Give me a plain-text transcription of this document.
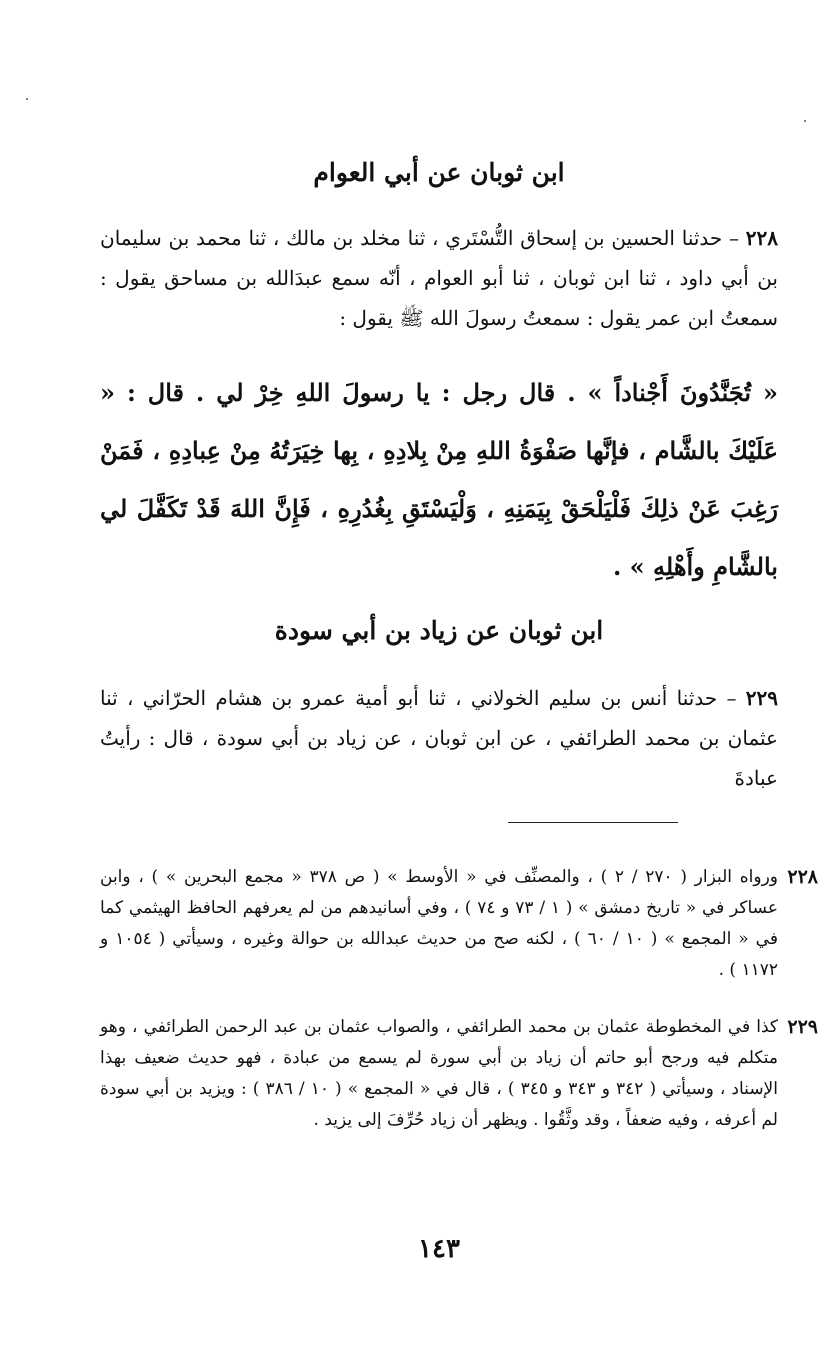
ابن ثوبان عن أبي العوام

٢٢٨ – حدثنا الحسين بن إسحاق التُّسْتَري ، ثنا مخلد بن مالك ، ثنا محمد بن سليمان بن أبي داود ، ثنا ابن ثوبان ، ثنا أبو العوام ، أنّه سمع عبدَالله بن مساحق يقول : سمعتُ ابن عمر يقول : سمعتُ رسولَ الله ﷺ يقول :

« تُجَنَّدُونَ أَجْناداً » . قال رجل : يا رسولَ اللهِ خِرْ لي . قال : « عَلَيْكَ بالشَّام ، فإنَّها صَفْوَةُ اللهِ مِنْ بِلادِهِ ، بِها خِيَرَتُهُ مِنْ عِبادِهِ ، فَمَنْ رَغِبَ عَنْ ذلِكَ فَلْيَلْحَقْ بِيَمَنِهِ ، وَلْيَسْتَقِ بِغُدُرِهِ ، فَإِنَّ اللهَ قَدْ تَكَفَّلَ لي بالشَّامِ وأَهْلِهِ » .
ابن ثوبان عن زياد بن أبي سودة

٢٢٩ – حدثنا أنس بن سليم الخولاني ، ثنا أبو أمية عمرو بن هشام الحرّاني ، ثنا عثمان بن محمد الطرائفي ، عن ابن ثوبان ، عن زياد بن أبي سودة ، قال : رأيتُ عبادةَ

٢٢٨
ورواه البزار ( ٢٧٠ / ٢ ) ، والمصنِّف في « الأوسط » ( ص ٣٧٨ « مجمع البحرين » ) ، وابن عساكر في « تاريخ دمشق » ( ١ / ٧٣ و ٧٤ ) ، وفي أسانيدهم من لم يعرفهم الحافظ الهيثمي كما في « المجمع » ( ١٠ / ٦٠ ) ، لكنه صح من حديث عبدالله بن حوالة وغيره ، وسيأتي ( ١٠٥٤ و ١١٧٢ ) .
٢٢٩
كذا في المخطوطة عثمان بن محمد الطرائفي ، والصواب عثمان بن عبد الرحمن الطرائفي ، وهو متكلم فيه ورجح أبو حاتم أن زياد بن أبي سورة لم يسمع من عبادة ، فهو حديث ضعيف بهذا الإسناد ، وسيأتي ( ٣٤٢ و ٣٤٣ و ٣٤٥ ) ، قال في « المجمع » ( ١٠ / ٣٨٦ ) : ويزيد بن أبي سودة لم أعرفه ، وفيه ضعفاً ، وقد وثَّقُوا . ويظهر أن زياد حُرِّفَ إلى يزيد .
١٤٣
